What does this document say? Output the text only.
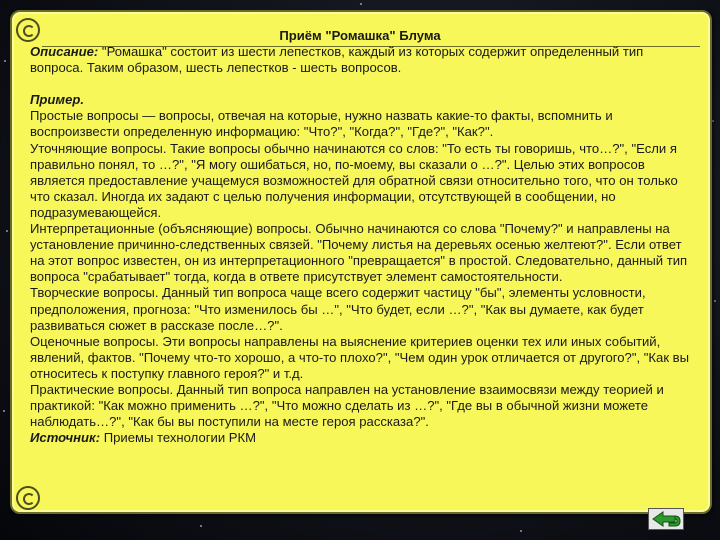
Приём "Ромашка" Блума

Описание: "Ромашка" состоит из шести лепестков, каждый из которых содержит определенный тип вопроса. Таким образом, шесть лепестков - шесть вопросов.

Пример.

Простые вопросы — вопросы, отвечая на которые, нужно назвать какие-то факты, вспомнить и воспроизвести определенную информацию: "Что?", "Когда?", "Где?", "Как?".

Уточняющие вопросы. Такие вопросы обычно начинаются со слов: "То есть ты говоришь, что…?", "Если я правильно понял, то …?", "Я могу ошибаться, но, по-моему, вы сказали о …?". Целью этих вопросов является предоставление учащемуся возможностей для обратной связи относительно того, что он только что сказал. Иногда их задают с целью получения информации, отсутствующей в сообщении, но подразумевающейся.

Интерпретационные (объясняющие) вопросы. Обычно начинаются со слова "Почему?" и направлены на установление причинно-следственных связей. "Почему листья на деревьях осенью желтеют?". Если ответ на этот вопрос известен, он из интерпретационного "превращается" в простой. Следовательно, данный тип вопроса "срабатывает" тогда, когда в ответе присутствует элемент самостоятельности.

Творческие вопросы. Данный тип вопроса чаще всего содержит частицу "бы", элементы условности, предположения, прогноза: "Что изменилось бы …", "Что будет, если …?", "Как вы думаете, как будет развиваться сюжет в рассказе после…?".

Оценочные вопросы. Эти вопросы направлены на выяснение критериев оценки тех или иных событий, явлений, фактов. "Почему что-то хорошо, а что-то плохо?", "Чем один урок отличается от другого?", "Как вы относитесь к поступку главного героя?" и т.д.

Практические вопросы. Данный тип вопроса направлен на установление взаимосвязи между теорией и практикой: "Как можно применить …?", "Что можно сделать из …?", "Где вы в обычной жизни можете наблюдать…?", "Как бы вы поступили на месте героя рассказа?".

Источник: Приемы технологии РКМ
